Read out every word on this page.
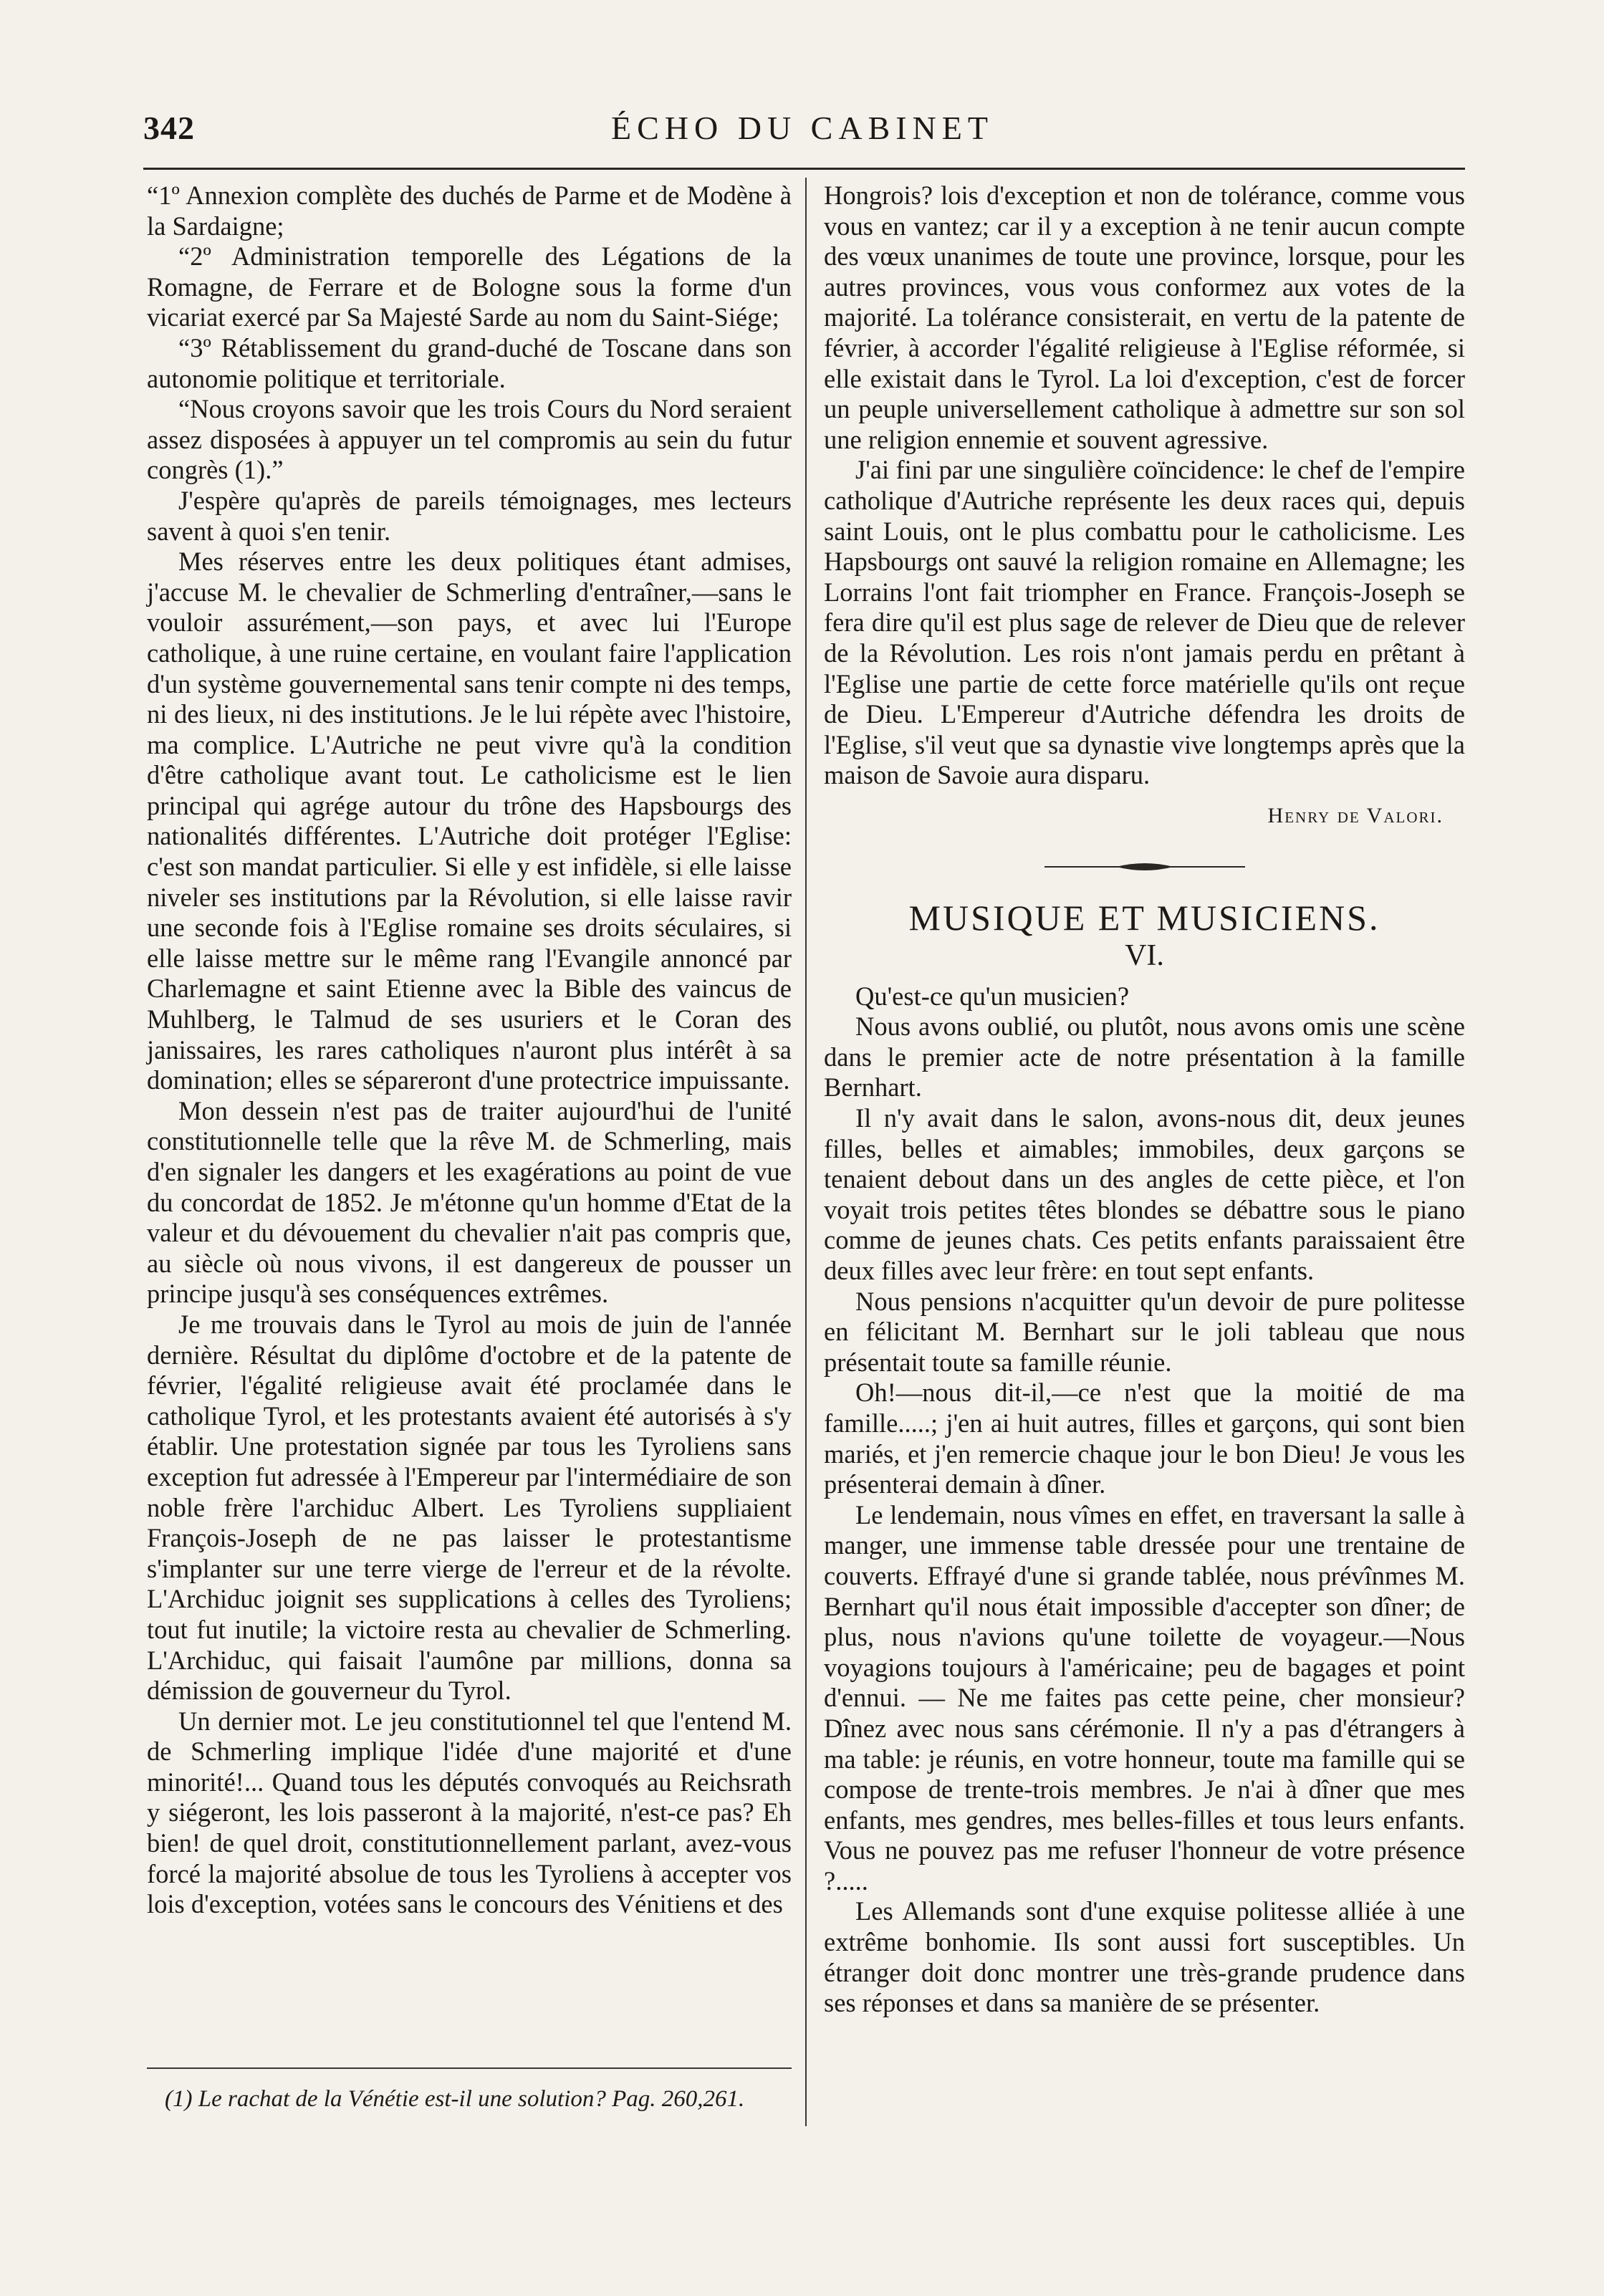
342	ÉCHO DU CABINET

“1º Annexion complète des duchés de Parme et de Modène à la Sardaigne;

“2º Administration temporelle des Légations de la Romagne, de Ferrare et de Bologne sous la forme d'un vicariat exercé par Sa Majesté Sarde au nom du Saint-Siége;

“3º Rétablissement du grand-duché de Toscane dans son autonomie politique et territoriale.

“Nous croyons savoir que les trois Cours du Nord seraient assez disposées à appuyer un tel compromis au sein du futur congrès (1).”

J'espère qu'après de pareils témoignages, mes lecteurs savent à quoi s'en tenir.

Mes réserves entre les deux politiques étant admises, j'accuse M. le chevalier de Schmerling d'entraîner,—sans le vouloir assurément,—son pays, et avec lui l'Europe catholique, à une ruine certaine, en voulant faire l'application d'un système gouvernemental sans tenir compte ni des temps, ni des lieux, ni des institutions. Je le lui répète avec l'histoire, ma complice. L'Autriche ne peut vivre qu'à la condition d'être catholique avant tout. Le catholicisme est le lien principal qui agrége autour du trône des Hapsbourgs des nationalités différentes. L'Autriche doit protéger l'Eglise: c'est son mandat particulier. Si elle y est infidèle, si elle laisse niveler ses institutions par la Révolution, si elle laisse ravir une seconde fois à l'Eglise romaine ses droits séculaires, si elle laisse mettre sur le même rang l'Evangile annoncé par Charlemagne et saint Etienne avec la Bible des vaincus de Muhlberg, le Talmud de ses usuriers et le Coran des janissaires, les rares catholiques n'auront plus intérêt à sa domination; elles se sépareront d'une protectrice impuissante.

Mon dessein n'est pas de traiter aujourd'hui de l'unité constitutionnelle telle que la rêve M. de Schmerling, mais d'en signaler les dangers et les exagérations au point de vue du concordat de 1852. Je m'étonne qu'un homme d'Etat de la valeur et du dévouement du chevalier n'ait pas compris que, au siècle où nous vivons, il est dangereux de pousser un principe jusqu'à ses conséquences extrêmes.

Je me trouvais dans le Tyrol au mois de juin de l'année dernière. Résultat du diplôme d'octobre et de la patente de février, l'égalité religieuse avait été proclamée dans le catholique Tyrol, et les protestants avaient été autorisés à s'y établir. Une protestation signée par tous les Tyroliens sans exception fut adressée à l'Empereur par l'intermédiaire de son noble frère l'archiduc Albert. Les Tyroliens suppliaient François-Joseph de ne pas laisser le protestantisme s'implanter sur une terre vierge de l'erreur et de la révolte. L'Archiduc joignit ses supplications à celles des Tyroliens; tout fut inutile; la victoire resta au chevalier de Schmerling. L'Archiduc, qui faisait l'aumône par millions, donna sa démission de gouverneur du Tyrol.

Un dernier mot. Le jeu constitutionnel tel que l'entend M. de Schmerling implique l'idée d'une majorité et d'une minorité!... Quand tous les députés convoqués au Reichsrath y siégeront, les lois passeront à la majorité, n'est-ce pas? Eh bien! de quel droit, constitutionnellement parlant, avez-vous forcé la majorité absolue de tous les Tyroliens à accepter vos lois d'exception, votées sans le concours des Vénitiens et des

Hongrois? lois d'exception et non de tolérance, comme vous vous en vantez; car il y a exception à ne tenir aucun compte des vœux unanimes de toute une province, lorsque, pour les autres provinces, vous vous conformez aux votes de la majorité. La tolérance consisterait, en vertu de la patente de février, à accorder l'égalité religieuse à l'Eglise réformée, si elle existait dans le Tyrol. La loi d'exception, c'est de forcer un peuple universellement catholique à admettre sur son sol une religion ennemie et souvent agressive.

J'ai fini par une singulière coïncidence: le chef de l'empire catholique d'Autriche représente les deux races qui, depuis saint Louis, ont le plus combattu pour le catholicisme. Les Hapsbourgs ont sauvé la religion romaine en Allemagne; les Lorrains l'ont fait triompher en France. François-Joseph se fera dire qu'il est plus sage de relever de Dieu que de relever de la Révolution. Les rois n'ont jamais perdu en prêtant à l'Eglise une partie de cette force matérielle qu'ils ont reçue de Dieu. L'Empereur d'Autriche défendra les droits de l'Eglise, s'il veut que sa dynastie vive longtemps après que la maison de Savoie aura disparu.

Henry de Valori.
MUSIQUE ET MUSICIENS.
VI.

Qu'est-ce qu'un musicien?

Nous avons oublié, ou plutôt, nous avons omis une scène dans le premier acte de notre présentation à la famille Bernhart.

Il n'y avait dans le salon, avons-nous dit, deux jeunes filles, belles et aimables; immobiles, deux garçons se tenaient debout dans un des angles de cette pièce, et l'on voyait trois petites têtes blondes se débattre sous le piano comme de jeunes chats. Ces petits enfants paraissaient être deux filles avec leur frère: en tout sept enfants.

Nous pensions n'acquitter qu'un devoir de pure politesse en félicitant M. Bernhart sur le joli tableau que nous présentait toute sa famille réunie.

Oh!—nous dit-il,—ce n'est que la moitié de ma famille.....; j'en ai huit autres, filles et garçons, qui sont bien mariés, et j'en remercie chaque jour le bon Dieu! Je vous les présenterai demain à dîner.

Le lendemain, nous vîmes en effet, en traversant la salle à manger, une immense table dressée pour une trentaine de couverts. Effrayé d'une si grande tablée, nous prévînmes M. Bernhart qu'il nous était impossible d'accepter son dîner; de plus, nous n'avions qu'une toilette de voyageur.—Nous voyagions toujours à l'américaine; peu de bagages et point d'ennui. — Ne me faites pas cette peine, cher monsieur? Dînez avec nous sans cérémonie. Il n'y a pas d'étrangers à ma table: je réunis, en votre honneur, toute ma famille qui se compose de trente-trois membres. Je n'ai à dîner que mes enfants, mes gendres, mes belles-filles et tous leurs enfants. Vous ne pouvez pas me refuser l'honneur de votre présence ?.....

Les Allemands sont d'une exquise politesse alliée à une extrême bonhomie. Ils sont aussi fort susceptibles. Un étranger doit donc montrer une très-grande prudence dans ses réponses et dans sa manière de se présenter.

(1) Le rachat de la Vénétie est-il une solution? Pag. 260,261.
